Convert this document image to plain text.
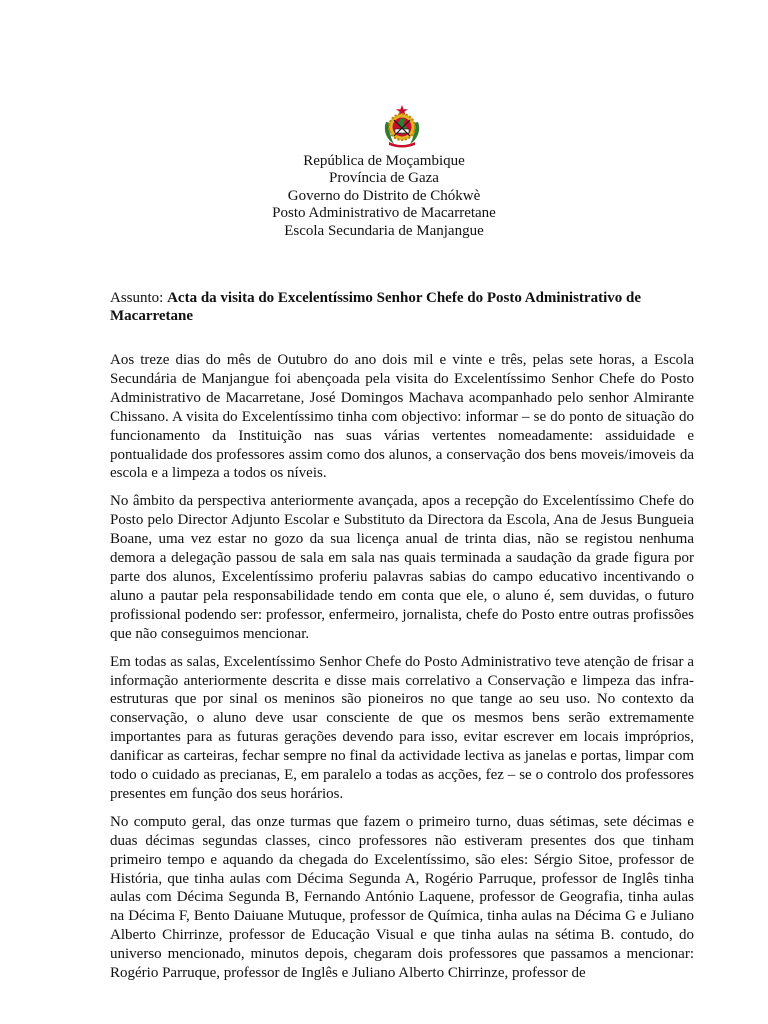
República de Moçambique
Província de Gaza
Governo do Distrito de Chókwè
Posto Administrativo de Macarretane
Escola Secundaria de Manjangue
Assunto: Acta da visita do Excelentíssimo Senhor Chefe do Posto Administrativo de Macarretane

Aos treze dias do mês de Outubro do ano dois mil e vinte e três, pelas sete horas, a Escola Secundária de Manjangue foi abençoada pela visita do Excelentíssimo Senhor Chefe do Posto Administrativo de Macarretane, José Domingos Machava acompanhado pelo senhor Almirante Chissano. A visita do Excelentíssimo tinha com objectivo: informar – se do ponto de situação do funcionamento da Instituição nas suas várias vertentes nomeadamente: assiduidade e pontualidade dos professores assim como dos alunos, a conservação dos bens moveis/imoveis da escola e a limpeza a todos os níveis.

No âmbito da perspectiva anteriormente avançada, apos a recepção do Excelentíssimo Chefe do Posto pelo Director Adjunto Escolar e Substituto da Directora da Escola, Ana de Jesus Bungueia Boane, uma vez estar no gozo da sua licença anual de trinta dias, não se registou nenhuma demora a delegação passou de sala em sala nas quais terminada a saudação da grade figura por parte dos alunos, Excelentíssimo proferiu palavras sabias do campo educativo incentivando o aluno a pautar pela responsabilidade tendo em conta que ele, o aluno é, sem duvidas, o futuro profissional podendo ser: professor, enfermeiro, jornalista, chefe do Posto entre outras profissões que não conseguimos mencionar.

Em todas as salas, Excelentíssimo Senhor Chefe do Posto Administrativo teve atenção de frisar a informação anteriormente descrita e disse mais correlativo a Conservação e limpeza das infra-estruturas que por sinal os meninos são pioneiros no que tange ao seu uso. No contexto da conservação, o aluno deve usar consciente de que os mesmos bens serão extremamente importantes para as futuras gerações devendo para isso, evitar escrever em locais impróprios, danificar as carteiras, fechar sempre no final da actividade lectiva as janelas e portas, limpar com todo o cuidado as precianas, E, em paralelo a todas as acções, fez – se o controlo dos professores presentes em função dos seus horários.

No computo geral, das onze turmas que fazem o primeiro turno, duas sétimas, sete décimas e duas décimas segundas classes, cinco professores não estiveram presentes dos que tinham primeiro tempo e aquando da chegada do Excelentíssimo, são eles: Sérgio Sitoe, professor de História, que tinha aulas com Décima Segunda A, Rogério Parruque, professor de Inglês tinha aulas com Décima Segunda B, Fernando António Laquene, professor de Geografia, tinha aulas na Décima F, Bento Daiuane Mutuque, professor de Química, tinha aulas na Décima G e Juliano Alberto Chirrinze, professor de Educação Visual e que tinha aulas na sétima B. contudo, do universo mencionado, minutos depois, chegaram dois professores que passamos a mencionar: Rogério Parruque, professor de Inglês e Juliano Alberto Chirrinze, professor de
